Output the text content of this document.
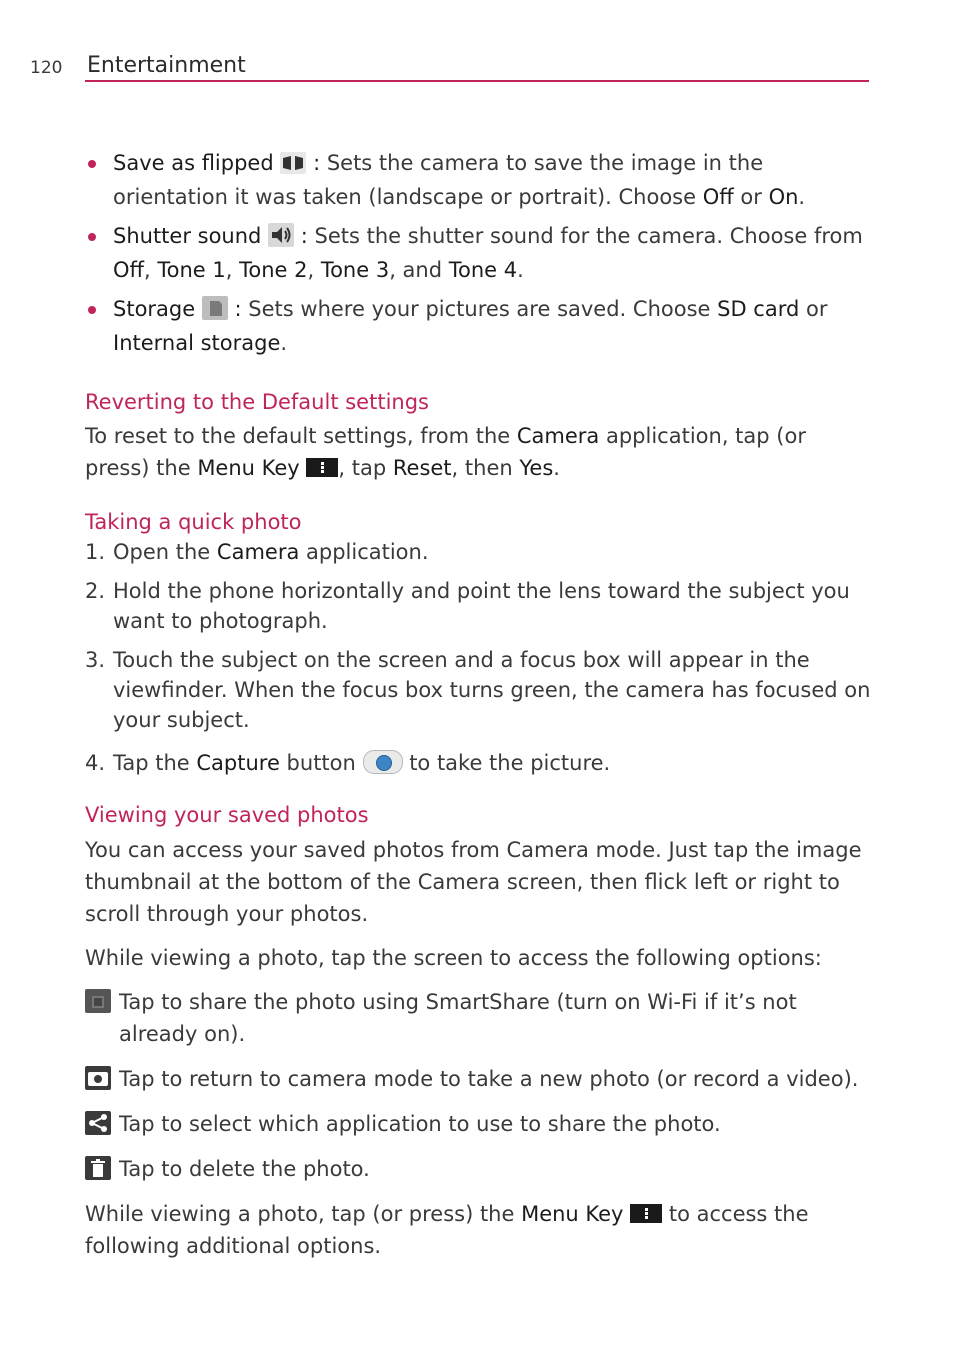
120 Entertainment
Save as flipped : Sets the camera to save the image in the orientation it was taken (landscape or portrait). Choose Off or On.
Shutter sound : Sets the shutter sound for the camera. Choose from Off, Tone 1, Tone 2, Tone 3, and Tone 4.
Storage : Sets where your pictures are saved. Choose SD card or Internal storage.
Reverting to the Default settings

To reset to the default settings, from the Camera application, tap (or press) the Menu Key , tap Reset, then Yes.

Taking a quick photo
1. Open the Camera application.
2. Hold the phone horizontally and point the lens toward the subject you want to photograph.
3. Touch the subject on the screen and a focus box will appear in the viewfinder. When the focus box turns green, the camera has focused on your subject.
4. Tap the Capture button
to take the picture.
Viewing your saved photos

You can access your saved photos from Camera mode. Just tap the image thumbnail at the bottom of the Camera screen, then flick left or right to scroll through your photos.

While viewing a photo, tap the screen to access the following options:

Tap to share the photo using SmartShare (turn on Wi-Fi if it’s not already on).
Tap to return to camera mode to take a new photo (or record a video).
Tap to select which application to use to share the photo.
Tap to delete the photo.

While viewing a photo, tap (or press) the Menu Key
to access the following additional options.
